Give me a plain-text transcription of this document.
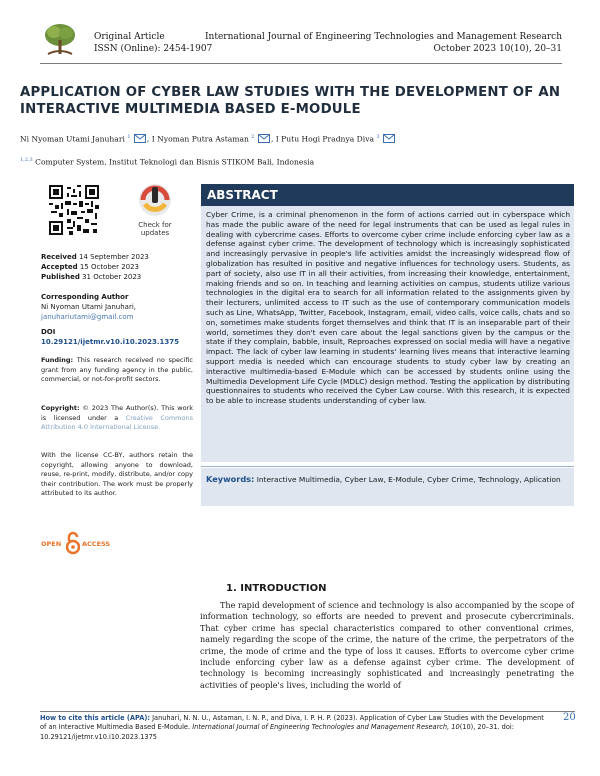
Original Article
ISSN (Online): 2454-1907
International Journal of Engineering Technologies and Management Research
October 2023 10(10), 20–31
APPLICATION OF CYBER LAW STUDIES WITH THE DEVELOPMENT OF AN
INTERACTIVE MULTIMEDIA BASED E-MODULE
Ni Nyoman Utami Januhari $^1$ , I Nyoman Putra Astaman $^2$ , I Putu Hogi Pradnya Diva $^3$
$^{1,2,3}$ Computer System, Institut Teknologi dan Bisnis STIKOM Bali, Indonesia
Check for
updates
Received 14 September 2023
Accepted 15 October 2023
Published 31 October 2023
Corresponding Author
Ni Nyoman Utami Januhari,
januhariutami@gmail.com
DOI
10.29121/ijetmr.v10.i10.2023.1375
Funding: This research received no specific grant from any funding agency in the public, commercial, or not-for-profit sectors.
Copyright: © 2023 The Author(s). This work is licensed under a Creative Commons Attribution 4.0 International License.
With the license CC-BY, authors retain the copyright, allowing anyone to download, reuse, re-print, modify, distribute, and/or copy their contribution. The work must be properly attributed to its author.
OPEN	ACCESS
ABSTRACT
Cyber Crime, is a criminal phenomenon in the form of actions carried out in cyberspace which has made the public aware of the need for legal instruments that can be used as legal rules in dealing with cybercrime cases. Efforts to overcome cyber crime include enforcing cyber law as a defense against cyber crime. The development of technology which is increasingly sophisticated and increasingly pervasive in people's life activities amidst the increasingly widespread flow of globalization has resulted in positive and negative influences for technology users. Students, as part of society, also use IT in all their activities, from increasing their knowledge, entertainment, making friends and so on. In teaching and learning activities on campus, students utilize various technologies in the digital era to search for all information related to the assignments given by their lecturers, unlimited access to IT such as the use of contemporary communication models such as Line, WhatsApp, Twitter, Facebook, Instagram, email, video calls, voice calls, chats and so on, sometimes make students forget themselves and think that IT is an inseparable part of their world, sometimes they don't even care about the legal sanctions given by the campus or the state if they complain, babble, insult, Reproaches expressed on social media will have a negative impact. The lack of cyber law learning in students' learning lives means that interactive learning support media is needed which can encourage students to study cyber law by creating an interactive multimedia-based E-Module which can be accessed by students online using the Multimedia Development Life Cycle (MDLC) design method. Testing the application by distributing questionnaires to students who received the Cyber Law course. With this research, it is expected to be able to increase students understanding of cyber law.
Keywords: Interactive Multimedia, Cyber Law, E-Module, Cyber Crime, Technology, Aplication
1. INTRODUCTION
The rapid development of science and technology is also accompanied by the scope of information technology, so efforts are needed to prevent and prosecute cybercriminals. That cyber crime has special characteristics compared to other conventional crimes, namely regarding the scope of the crime, the nature of the crime, the perpetrators of the crime, the mode of crime and the type of loss it causes. Efforts to overcome cyber crime include enforcing cyber law as a defense against cyber crime. The development of technology is becoming increasingly sophisticated and increasingly penetrating the activities of people's lives, including the world of
How to cite this article (APA): Januhari, N. N. U., Astaman, I. N. P., and Diva, I. P. H. P. (2023). Application of Cyber Law Studies with the Development of an Interactive Multimedia Based E-Module. International Journal of Engineering Technologies and Management Research, 10(10), 20–31. doi: 10.29121/ijetmr.v10.i10.2023.1375
20
